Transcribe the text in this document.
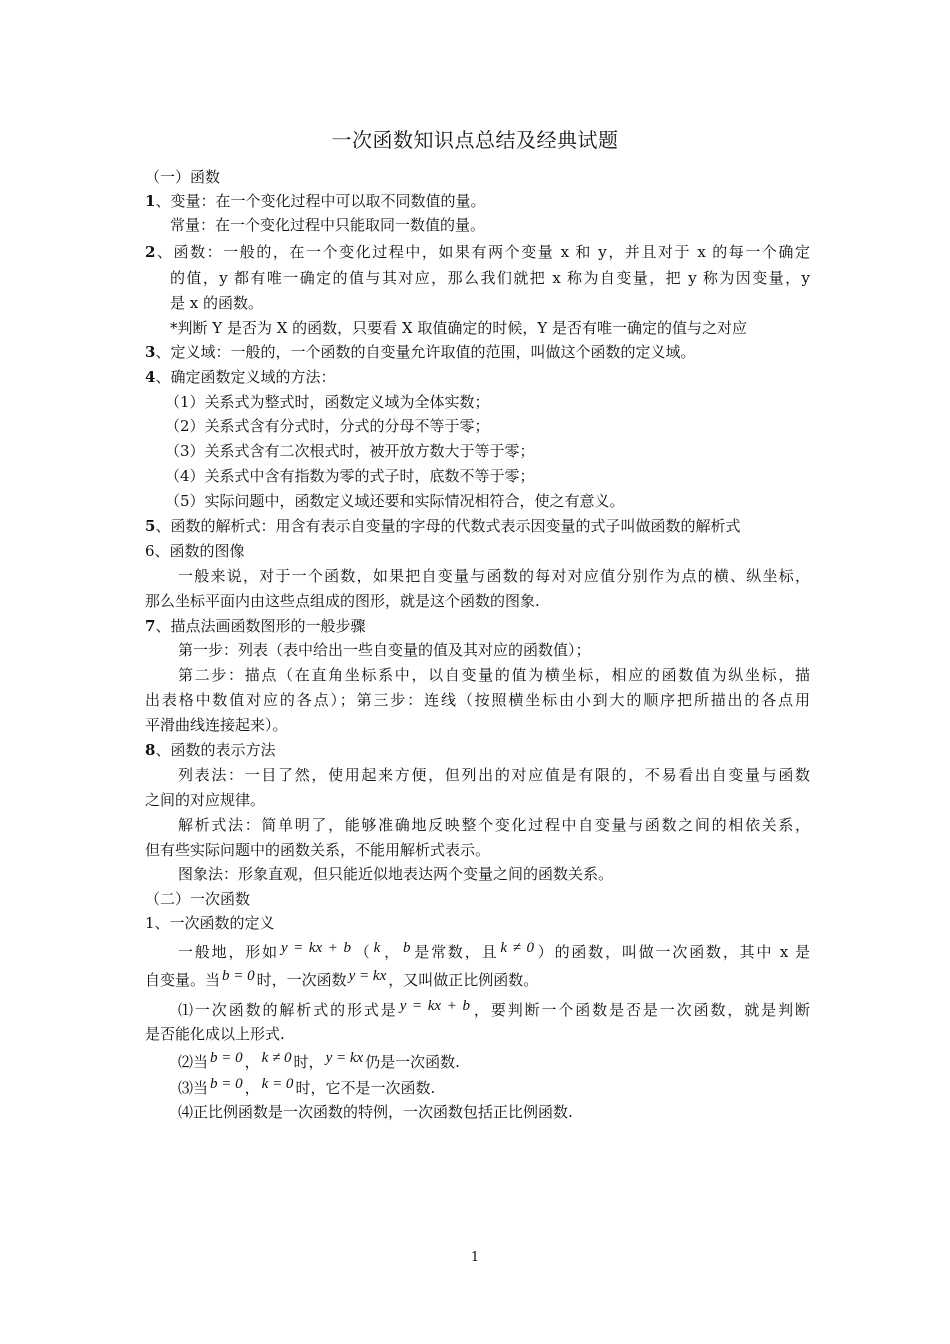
一次函数知识点总结及经典试题
（一）函数
1、变量：在一个变化过程中可以取不同数值的量。
常量：在一个变化过程中只能取同一数值的量。
2、函数：一般的，在一个变化过程中，如果有两个变量 x 和 y，并且对于 x 的每一个确定
的值，y 都有唯一确定的值与其对应，那么我们就把 x 称为自变量，把 y 称为因变量，y
是 x 的函数。
*判断 Y 是否为 X 的函数，只要看 X 取值确定的时候，Y 是否有唯一确定的值与之对应
3、定义域：一般的，一个函数的自变量允许取值的范围，叫做这个函数的定义域。
4、确定函数定义域的方法：
（1）关系式为整式时，函数定义域为全体实数；
（2）关系式含有分式时，分式的分母不等于零；
（3）关系式含有二次根式时，被开放方数大于等于零；
（4）关系式中含有指数为零的式子时，底数不等于零；
（5）实际问题中，函数定义域还要和实际情况相符合，使之有意义。
5、函数的解析式：用含有表示自变量的字母的代数式表示因变量的式子叫做函数的解析式
6、函数的图像
一般来说，对于一个函数，如果把自变量与函数的每对对应值分别作为点的横、纵坐标，
那么坐标平面内由这些点组成的图形，就是这个函数的图象.
7、描点法画函数图形的一般步骤
第一步：列表（表中给出一些自变量的值及其对应的函数值）；
第二步：描点（在直角坐标系中，以自变量的值为横坐标，相应的函数值为纵坐标，描
出表格中数值对应的各点）；第三步：连线（按照横坐标由小到大的顺序把所描出的各点用
平滑曲线连接起来）。
8、函数的表示方法
列表法：一目了然，使用起来方便，但列出的对应值是有限的，不易看出自变量与函数
之间的对应规律。
解析式法：简单明了，能够准确地反映整个变化过程中自变量与函数之间的相依关系，
但有些实际问题中的函数关系，不能用解析式表示。
图象法：形象直观，但只能近似地表达两个变量之间的函数关系。
（二）一次函数
1、一次函数的定义
一般地，形如 y = kx + b （ k ， b 是常数，且 k ≠ 0 ）的函数，叫做一次函数，其中 x 是
自变量。当 b = 0 时，一次函数 y = kx ，又叫做正比例函数。
⑴一次函数的解析式的形式是 y = kx + b ，要判断一个函数是否是一次函数，就是判断
是否能化成以上形式.
⑵当 b = 0 ， k ≠ 0 时， y = kx 仍是一次函数.
⑶当 b = 0 ， k = 0 时，它不是一次函数.
⑷正比例函数是一次函数的特例，一次函数包括正比例函数.
1
